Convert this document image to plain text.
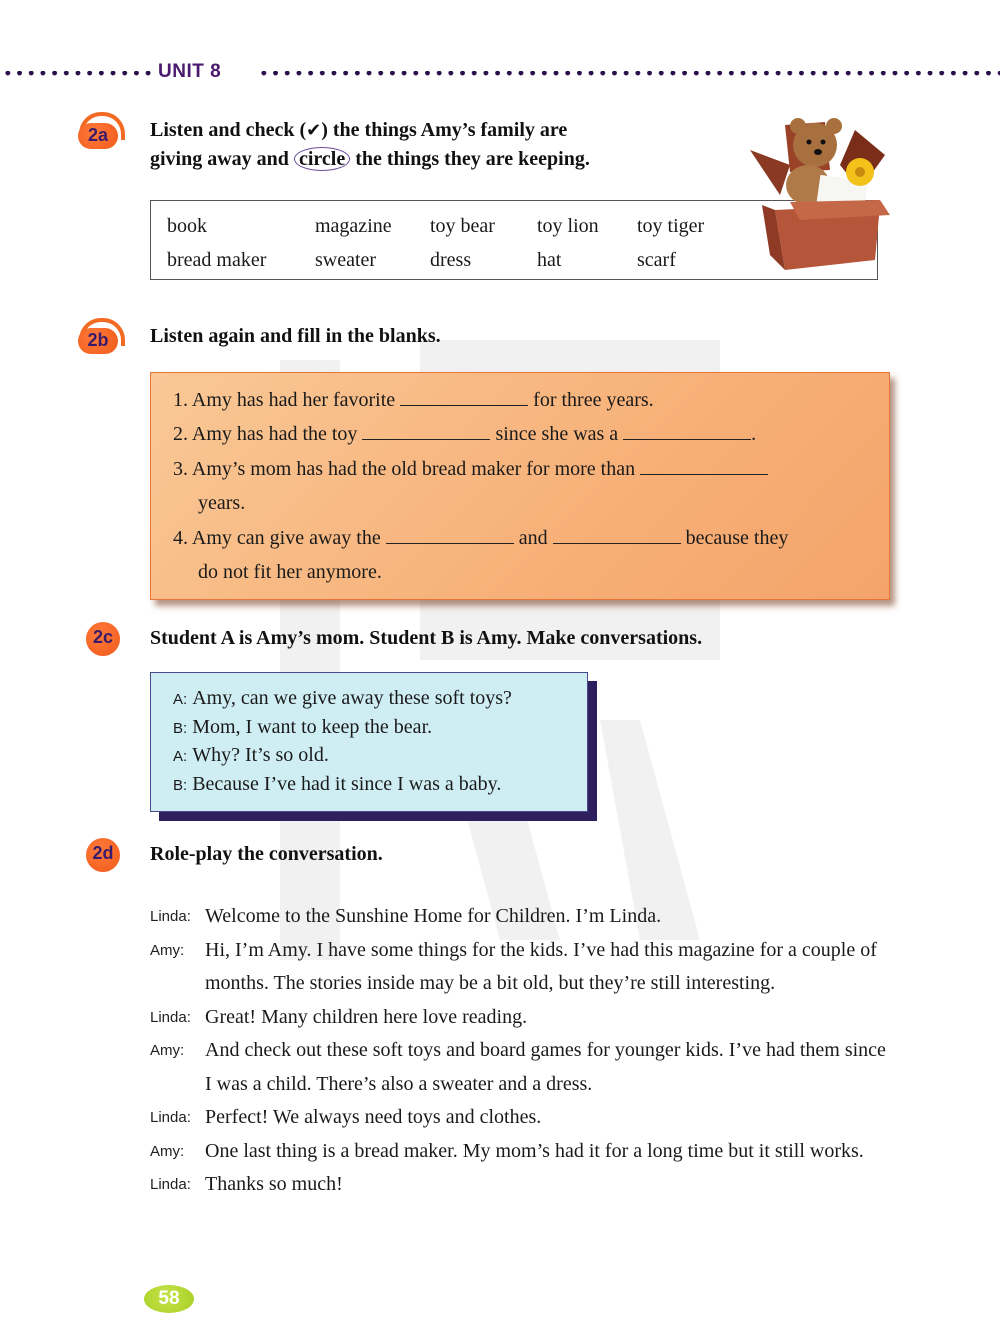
UNIT 8
2a	Listen and check (✔) the things Amy’s family are
giving away and circle the things they are keeping.
book	magazine	toy bear	toy lion	toy tiger
bread maker	sweater	dress	hat	scarf
2b	Listen again and fill in the blanks.
1. Amy has had her favorite	for three years.
2. Amy has had the toy	since she was a	.
3. Amy’s mom has had the old bread maker for more than
years.
4. Amy can give away the	and	because they
do not fit her anymore.
2c	Student A is Amy’s mom. Student B is Amy. Make conversations.
A: Amy, can we give away these soft toys?
B: Mom, I want to keep the bear.
A: Why? It’s so old.
B: Because I’ve had it since I was a baby.
2d	Role-play the conversation.
Linda: Welcome to the Sunshine Home for Children. I’m Linda.
Amy:	Hi, I’m Amy. I have some things for the kids. I’ve had this magazine for a couple of months. The stories inside may be a bit old, but they’re still interesting.
Linda: Great! Many children here love reading.
Amy:	And check out these soft toys and board games for younger kids. I’ve had them since I was a child. There’s also a sweater and a dress.
Linda: Perfect! We always need toys and clothes.
Amy:	One last thing is a bread maker. My mom’s had it for a long time but it still works.
Linda: Thanks so much!
58
